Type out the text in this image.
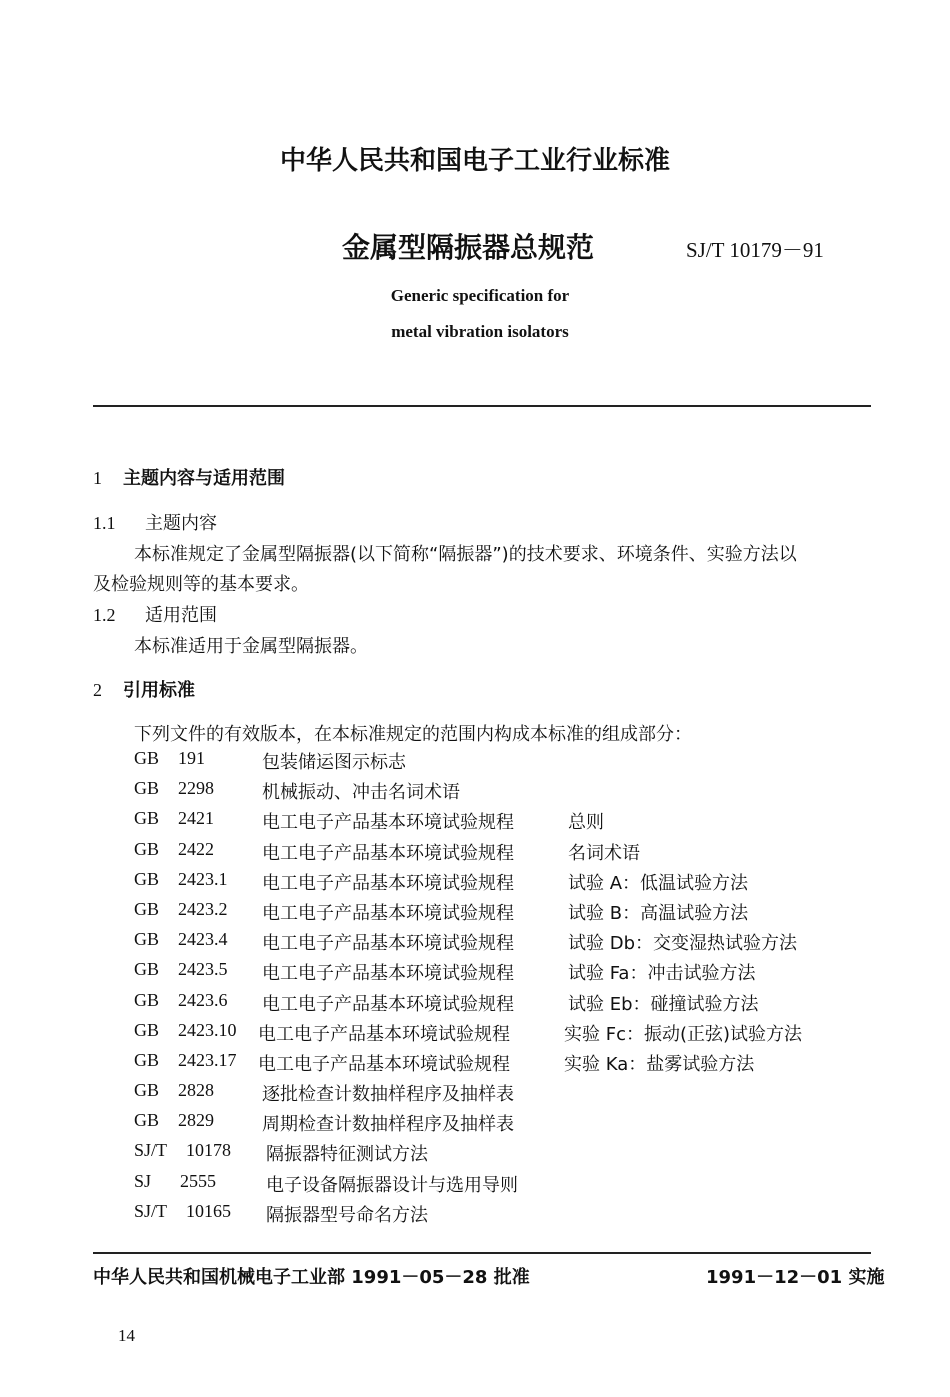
中华人民共和国电子工业行业标准
金属型隔振器总规范	SJ/T 10179－91
Generic specification for
metal vibration isolators
1 主题内容与适用范围
1.1 主题内容
本标准规定了金属型隔振器(以下简称“隔振器”)的技术要求、环境条件、实验方法以
及检验规则等的基本要求。
1.2 适用范围
本标准适用于金属型隔振器。
2 引用标准
下列文件的有效版本，在本标准规定的范围内构成本标准的组成部分：
GB 191	包装储运图示标志
GB 2298	机械振动、冲击名词术语
GB 2421	电工电子产品基本环境试验规程	总则
GB 2422	电工电子产品基本环境试验规程	名词术语
GB 2423.1 电工电子产品基本环境试验规程	试验 A：低温试验方法
GB 2423.2 电工电子产品基本环境试验规程	试验 B：高温试验方法
GB 2423.4 电工电子产品基本环境试验规程	试验 Db：交变湿热试验方法
GB 2423.5 电工电子产品基本环境试验规程	试验 Fa：冲击试验方法
GB 2423.6 电工电子产品基本环境试验规程	试验 Eb：碰撞试验方法
GB 2423.10 电工电子产品基本环境试验规程	实验 Fc：振动(正弦)试验方法
GB 2423.17 电工电子产品基本环境试验规程	实验 Ka：盐雾试验方法
GB 2828	逐批检查计数抽样程序及抽样表
GB 2829	周期检查计数抽样程序及抽样表
SJ/T 10178 隔振器特征测试方法
SJ 2555	电子设备隔振器设计与选用导则
SJ/T 10165 隔振器型号命名方法
中华人民共和国机械电子工业部 1991－05－28 批准	1991－12－01 实施
14
